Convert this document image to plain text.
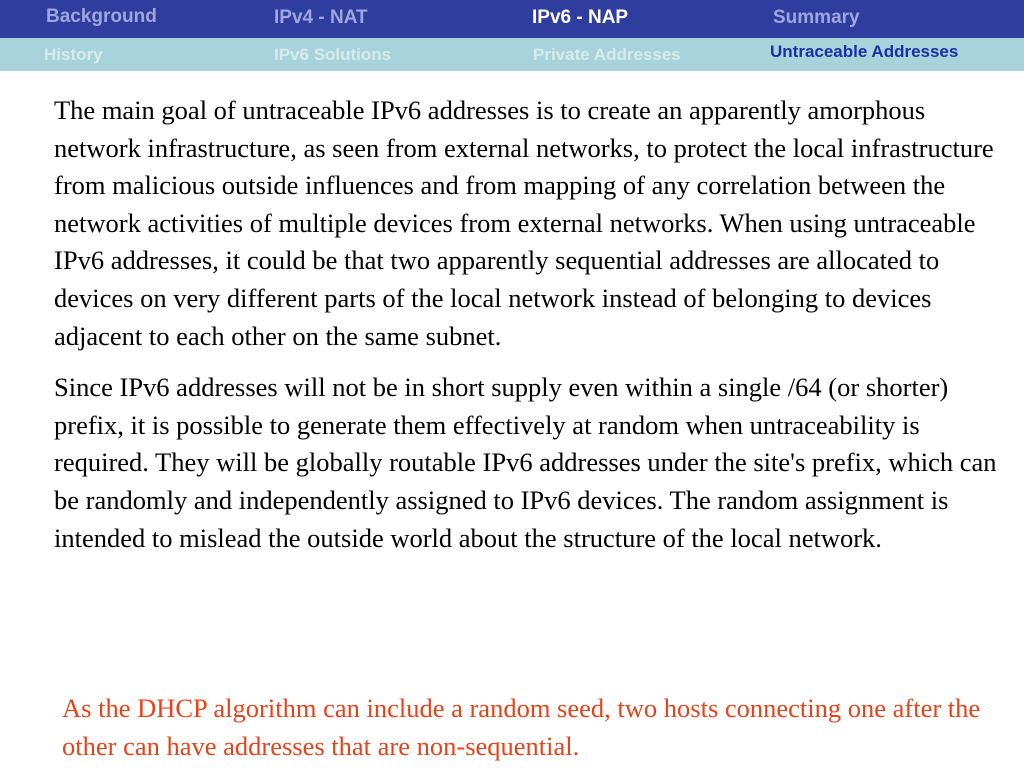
Background	IPv4 - NAT	IPv6 - NAP	Summary
History	IPv6 Solutions	Private Addresses	Untraceable Addresses

The main goal of untraceable IPv6 addresses is to create an apparently amorphous network infrastructure, as seen from external networks, to protect the local infrastructure from malicious outside influences and from mapping of any correlation between the network activities of multiple devices from external networks. When using untraceable IPv6 addresses, it could be that two apparently sequential addresses are allocated to devices on very different parts of the local network instead of belonging to devices adjacent to each other on the same subnet.

Since IPv6 addresses will not be in short supply even within a single /64 (or shorter) prefix, it is possible to generate them effectively at random when untraceability is required. They will be globally routable IPv6 addresses under the site's prefix, which can be randomly and independently assigned to IPv6 devices. The random assignment is intended to mislead the outside world about the structure of the local network.

As the DHCP algorithm can include a random seed, two hosts connecting one after the other can have addresses that are non-sequential.
